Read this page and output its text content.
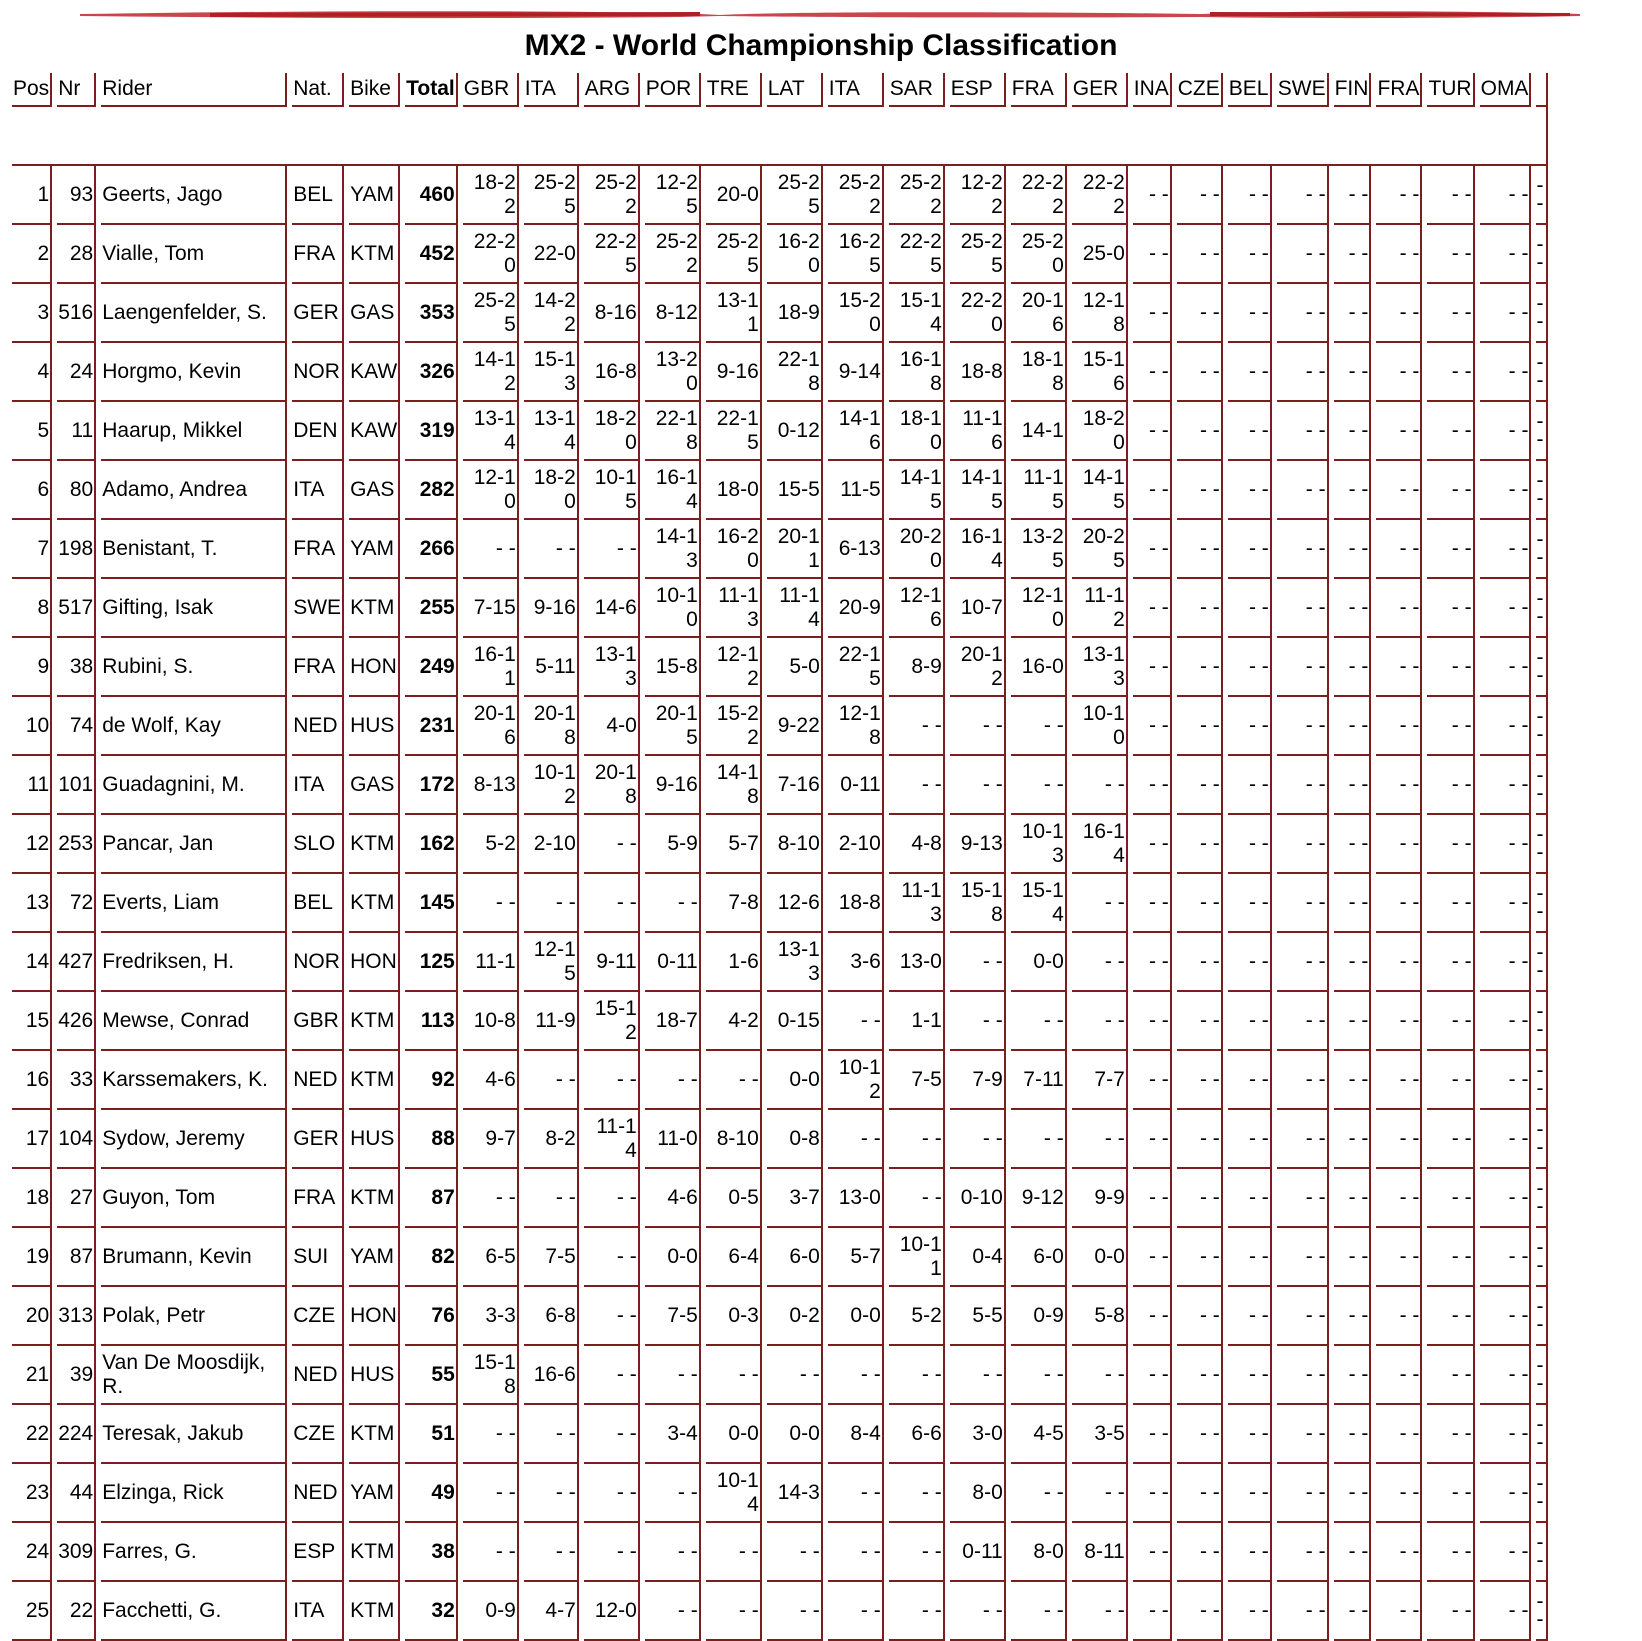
MX2 - World Championship Classification
Pos	Nr	Rider	Nat.	Bike	Total	GBR	ITA	ARG	POR	TRE	LAT	ITA	SAR	ESP	FRA	GER	INA	CZE	BEL	SWE	FIN	FRA	TUR	OMA	

1	93	Geerts, Jago	BEL	YAM	460	18-22	25-25	25-22	12-25	20-0	25-25	25-22	25-22	12-22	22-22	22-22	- -	- -	- -	- -	- -	- -	- -	- -	-
-
2	28	Vialle, Tom	FRA	KTM	452	22-20	22-0	22-25	25-22	25-25	16-20	16-25	22-25	25-25	25-20	25-0	- -	- -	- -	- -	- -	- -	- -	- -	-
-
3	516	Laengenfelder, S.	GER	GAS	353	25-25	14-22	8-16	8-12	13-11	18-9	15-20	15-14	22-20	20-16	12-18	- -	- -	- -	- -	- -	- -	- -	- -	-
-
4	24	Horgmo, Kevin	NOR	KAW	326	14-12	15-13	16-8	13-20	9-16	22-18	9-14	16-18	18-8	18-18	15-16	- -	- -	- -	- -	- -	- -	- -	- -	-
-
5	11	Haarup, Mikkel	DEN	KAW	319	13-14	13-14	18-20	22-18	22-15	0-12	14-16	18-10	11-16	14-1	18-20	- -	- -	- -	- -	- -	- -	- -	- -	-
-
6	80	Adamo, Andrea	ITA	GAS	282	12-10	18-20	10-15	16-14	18-0	15-5	11-5	14-15	14-15	11-15	14-15	- -	- -	- -	- -	- -	- -	- -	- -	-
-
7	198	Benistant, T.	FRA	YAM	266	- -	- -	- -	14-13	16-20	20-11	6-13	20-20	16-14	13-25	20-25	- -	- -	- -	- -	- -	- -	- -	- -	-
-
8	517	Gifting, Isak	SWE	KTM	255	7-15	9-16	14-6	10-10	11-13	11-14	20-9	12-16	10-7	12-10	11-12	- -	- -	- -	- -	- -	- -	- -	- -	-
-
9	38	Rubini, S.	FRA	HON	249	16-11	5-11	13-13	15-8	12-12	5-0	22-15	8-9	20-12	16-0	13-13	- -	- -	- -	- -	- -	- -	- -	- -	-
-
10	74	de Wolf, Kay	NED	HUS	231	20-16	20-18	4-0	20-15	15-22	9-22	12-18	- -	- -	- -	10-10	- -	- -	- -	- -	- -	- -	- -	- -	-
-
11	101	Guadagnini, M.	ITA	GAS	172	8-13	10-12	20-18	9-16	14-18	7-16	0-11	- -	- -	- -	- -	- -	- -	- -	- -	- -	- -	- -	- -	-
-
12	253	Pancar, Jan	SLO	KTM	162	5-2	2-10	- -	5-9	5-7	8-10	2-10	4-8	9-13	10-13	16-14	- -	- -	- -	- -	- -	- -	- -	- -	-
-
13	72	Everts, Liam	BEL	KTM	145	- -	- -	- -	- -	7-8	12-6	18-8	11-13	15-18	15-14	- -	- -	- -	- -	- -	- -	- -	- -	- -	-
-
14	427	Fredriksen, H.	NOR	HON	125	11-1	12-15	9-11	0-11	1-6	13-13	3-6	13-0	- -	0-0	- -	- -	- -	- -	- -	- -	- -	- -	- -	-
-
15	426	Mewse, Conrad	GBR	KTM	113	10-8	11-9	15-12	18-7	4-2	0-15	- -	1-1	- -	- -	- -	- -	- -	- -	- -	- -	- -	- -	- -	-
-
16	33	Karssemakers, K.	NED	KTM	92	4-6	- -	- -	- -	- -	0-0	10-12	7-5	7-9	7-11	7-7	- -	- -	- -	- -	- -	- -	- -	- -	-
-
17	104	Sydow, Jeremy	GER	HUS	88	9-7	8-2	11-14	11-0	8-10	0-8	- -	- -	- -	- -	- -	- -	- -	- -	- -	- -	- -	- -	- -	-
-
18	27	Guyon, Tom	FRA	KTM	87	- -	- -	- -	4-6	0-5	3-7	13-0	- -	0-10	9-12	9-9	- -	- -	- -	- -	- -	- -	- -	- -	-
-
19	87	Brumann, Kevin	SUI	YAM	82	6-5	7-5	- -	0-0	6-4	6-0	5-7	10-11	0-4	6-0	0-0	- -	- -	- -	- -	- -	- -	- -	- -	-
-
20	313	Polak, Petr	CZE	HON	76	3-3	6-8	- -	7-5	0-3	0-2	0-0	5-2	5-5	0-9	5-8	- -	- -	- -	- -	- -	- -	- -	- -	-
-
21	39	Van De Moosdijk, R.	NED	HUS	55	15-18	16-6	- -	- -	- -	- -	- -	- -	- -	- -	- -	- -	- -	- -	- -	- -	- -	- -	- -	-
-
22	224	Teresak, Jakub	CZE	KTM	51	- -	- -	- -	3-4	0-0	0-0	8-4	6-6	3-0	4-5	3-5	- -	- -	- -	- -	- -	- -	- -	- -	-
-
23	44	Elzinga, Rick	NED	YAM	49	- -	- -	- -	- -	10-14	14-3	- -	- -	8-0	- -	- -	- -	- -	- -	- -	- -	- -	- -	- -	-
-
24	309	Farres, G.	ESP	KTM	38	- -	- -	- -	- -	- -	- -	- -	- -	0-11	8-0	8-11	- -	- -	- -	- -	- -	- -	- -	- -	-
-
25	22	Facchetti, G.	ITA	KTM	32	0-9	4-7	12-0	- -	- -	- -	- -	- -	- -	- -	- -	- -	- -	- -	- -	- -	- -	- -	- -	-
-
